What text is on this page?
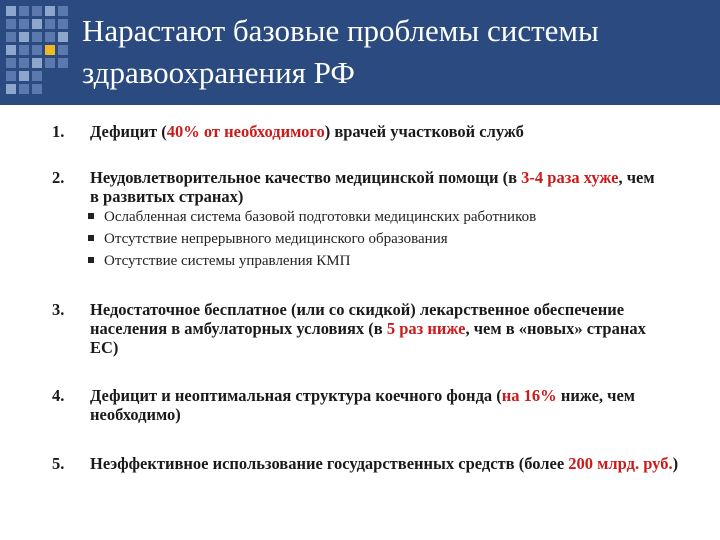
Нарастают базовые проблемы системы
здравоохранения РФ
1.	Дефицит (40% от необходимого) врачей участковой служб
2.	Неудовлетворительное качество медицинской помощи (в 3-4 раза хуже, чем в развитых странах)
Ослабленная система базовой подготовки медицинских работников
Отсутствие непрерывного медицинского образования
Отсутствие системы управления КМП
3.	Недостаточное бесплатное (или со скидкой) лекарственное обеспечение населения в амбулаторных условиях (в 5 раз ниже, чем в «новых» странах ЕС)
4.	Дефицит и неоптимальная структура коечного фонда (на 16% ниже, чем необходимо)
5.	Неэффективное использование государственных средств (более 200 млрд. руб.)
